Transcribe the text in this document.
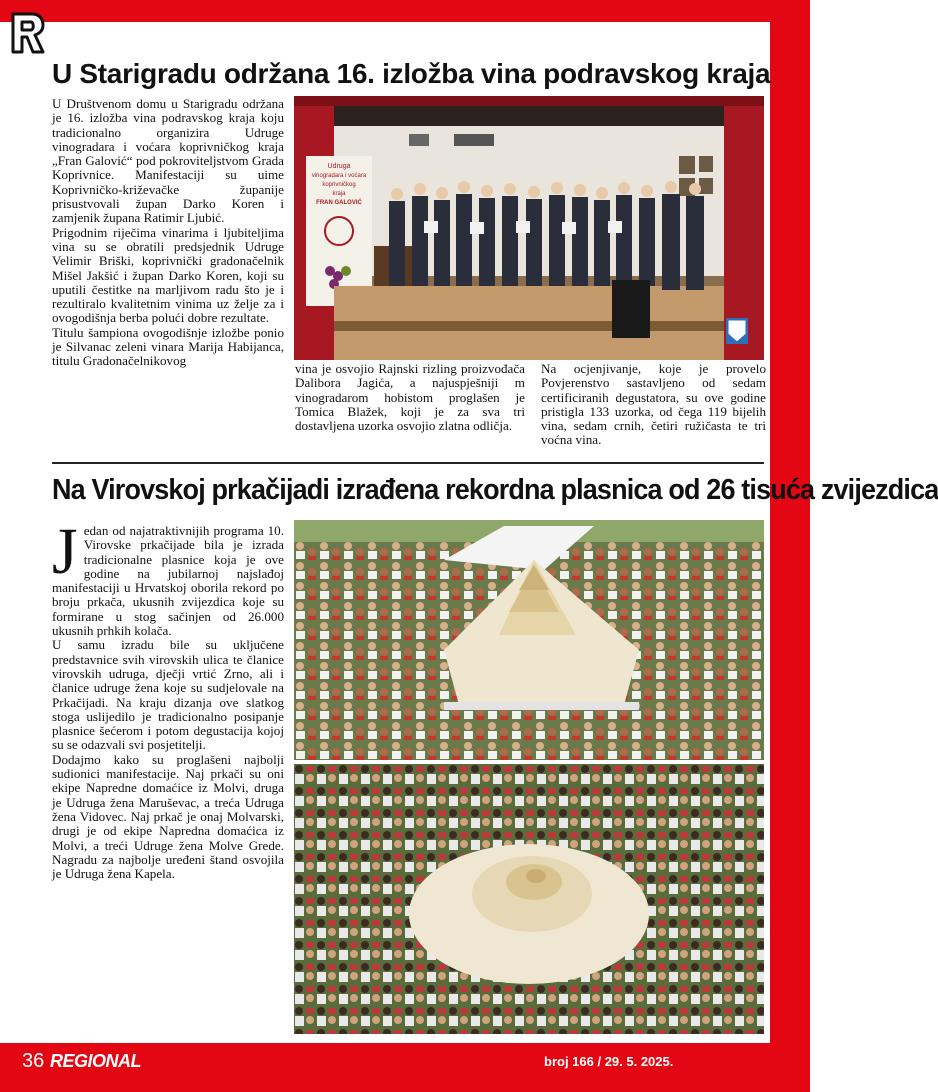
U Starigradu održana 16. izložba vina podravskog kraja

U Društvenom domu u Starigradu održana je 16. izložba vina podravskog kraja koju tradicionalno organizira Udruge vinogradara i voćara koprivničkog kraja „Fran Galović“ pod pokroviteljstvom Grada Koprivnice. Manifestaciji su uime Koprivničko-križevačke županije prisustvovali župan Darko Koren i zamjenik župana Ratimir Ljubić.

Prigodnim riječima vinarima i ljubiteljima vina su se obratili predsjednik Udruge Velimir Briški, koprivnički gradonačelnik Mišel Jakšić i župan Darko Koren, koji su uputili čestitke na marljivom radu što je i rezultiralo kvalitetnim vinima uz želje za i ovogodišnja berba polući dobre rezultate.

Titulu šampiona ovogodišnje izložbe ponio je Silvanac zeleni vinara Marija Habijanca, titulu Gradonačelnikovog

Udruga
vinogradara i voćara
koprivničkog
kraja
FRAN GALOVIĆ

vina je osvojio Rajnski rizling proizvođača Dalibora Jagića, a najuspješniji m vinogradarom hobistom proglašen je Tomica Blažek, koji je za sva tri dostavljena uzorka osvojio zlatna odličja.

Na ocjenjivanje, koje je provelo Povjerenstvo sastavljeno od sedam certificiranih degustatora, su ove godine pristigla 133 uzorka, od čega 119 bijelih vina, sedam crnih, četiri ružičasta te tri voćna vina.

Na Virovskoj prkačijadi izrađena rekordna plasnica od 26 tisuća zvijezdica

Jedan od najatraktivnijih programa 10. Virovske prkačijade bila je izrada tradicionalne plasnice koja je ove godine na jubilarnoj najslađoj manifestaciji u Hrvatskoj oborila rekord po broju prkača, ukusnih zvijezdica koje su formirane u stog sačinjen od 26.000 ukusnih prhkih kolača.

U samu izradu bile su uključene predstavnice svih virovskih ulica te članice virovskih udruga, dječji vrtić Zrno, ali i članice udruge žena koje su sudjelovale na Prkačijadi. Na kraju dizanja ove slatkog stoga uslijedilo je tradicionalno posipanje plasnice šećerom i potom degustacija kojoj su se odazvali svi posjetitelji.

Dodajmo kako su proglašeni najbolji sudionici manifestacije. Naj prkači su oni ekipe Napredne domaćice iz Molvi, druga je Udruga žena Maruševac, a treća Udruga žena Vidovec. Naj prkač je onaj Molvarski, drugi je od ekipe Napredna domaćica iz Molvi, a treći Udruge žena Molve Grede. Nagradu za najbolje uređeni štand osvojila je Udruga žena Kapela.

36 REGIONAL	broj 166 / 29. 5. 2025.
